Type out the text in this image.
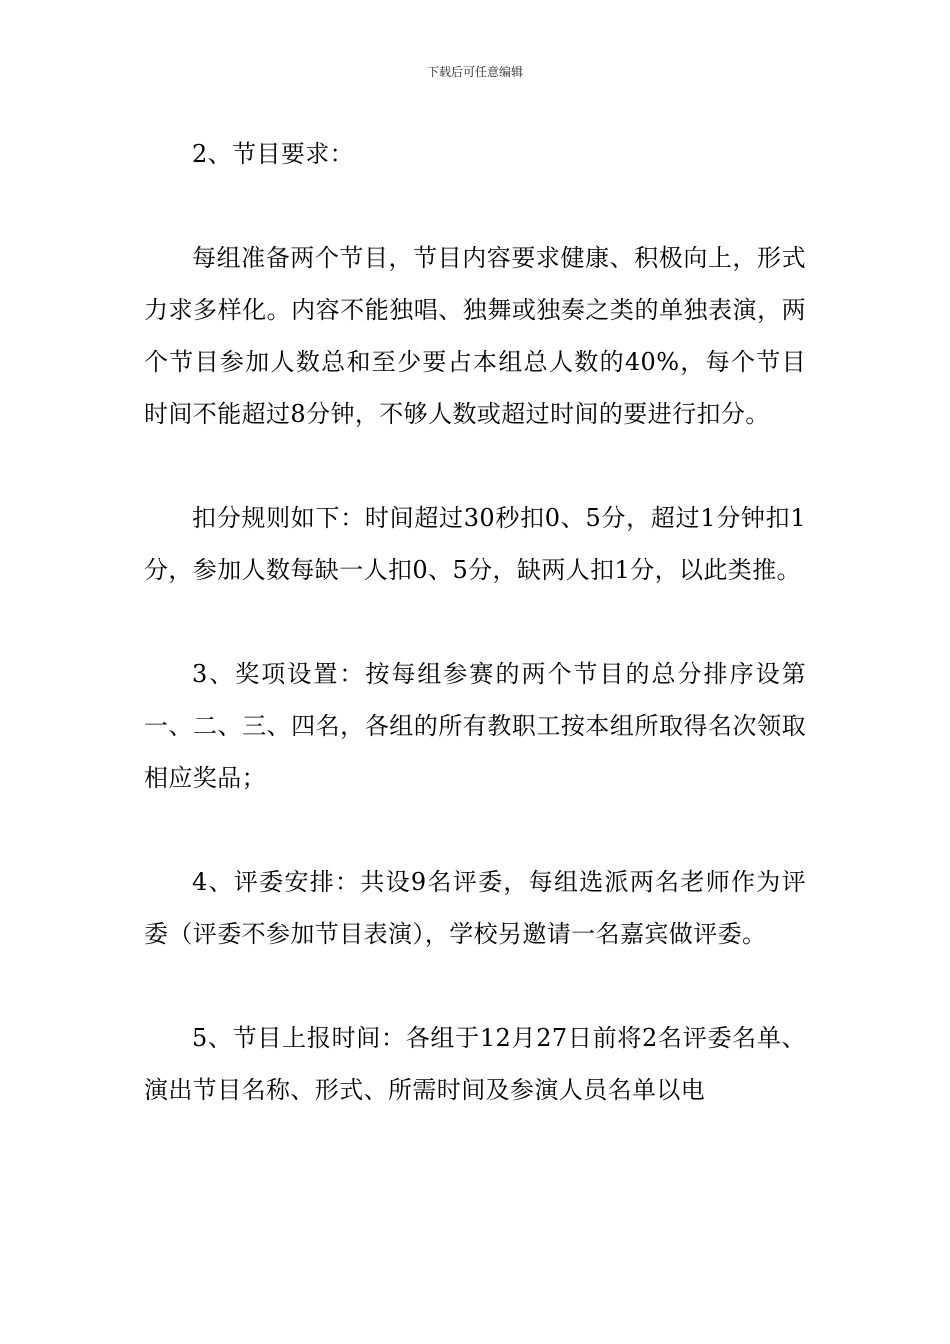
下载后可任意编辑

2、节目要求：

每组准备两个节目，节目内容要求健康、积极向上，形式力求多样化。内容不能独唱、独舞或独奏之类的单独表演，两个节目参加人数总和至少要占本组总人数的40%，每个节目时间不能超过8分钟，不够人数或超过时间的要进行扣分。

扣分规则如下：时间超过30秒扣0、5分，超过1分钟扣1分，参加人数每缺一人扣0、5分，缺两人扣1分，以此类推。

3、奖项设置：按每组参赛的两个节目的总分排序设第一、二、三、四名，各组的所有教职工按本组所取得名次领取相应奖品；

4、评委安排：共设9名评委，每组选派两名老师作为评委（评委不参加节目表演），学校另邀请一名嘉宾做评委。

5、节目上报时间：各组于12月27日前将2名评委名单、演出节目名称、形式、所需时间及参演人员名单以电
